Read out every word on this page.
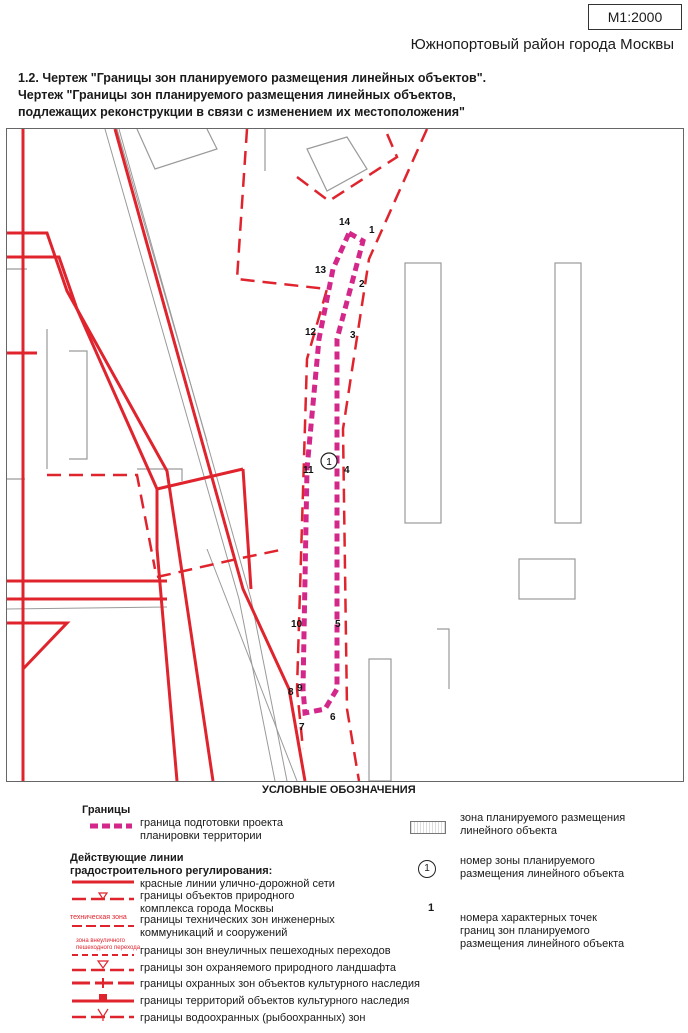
М1:2000
Южнопортовый район города Москвы
1.2. Чертеж "Границы зон планируемого размещения линейных объектов".
Чертеж "Границы зон планируемого размещения линейных объектов,
подлежащих реконструкции в связи с изменением их местоположения"
1
1
2
3
4
5
6
7
8 9
10
11
12
13
14
УСЛОВНЫЕ ОБОЗНАЧЕНИЯ
Границы
граница подготовки проекта
планировки территории
Действующие линии
градостроительного регулирования:
красные линии улично-дорожной сети
границы объектов природного
комплекса города Москвы
техническая зона границы технических зон инженерных
коммуникаций и сооружений
зона внеуличного
пешеходного перехода границы зон внеуличных пешеходных переходов
границы зон охраняемого природного ландшафта
границы охранных зон объектов культурного наследия
границы территорий объектов культурного наследия
границы водоохранных (рыбоохранных) зон
зона планируемого размещения
линейного объекта
1
номер зоны планируемого
размещения линейного объекта
1
номера характерных точек
границ зон планируемого
размещения линейного объекта
